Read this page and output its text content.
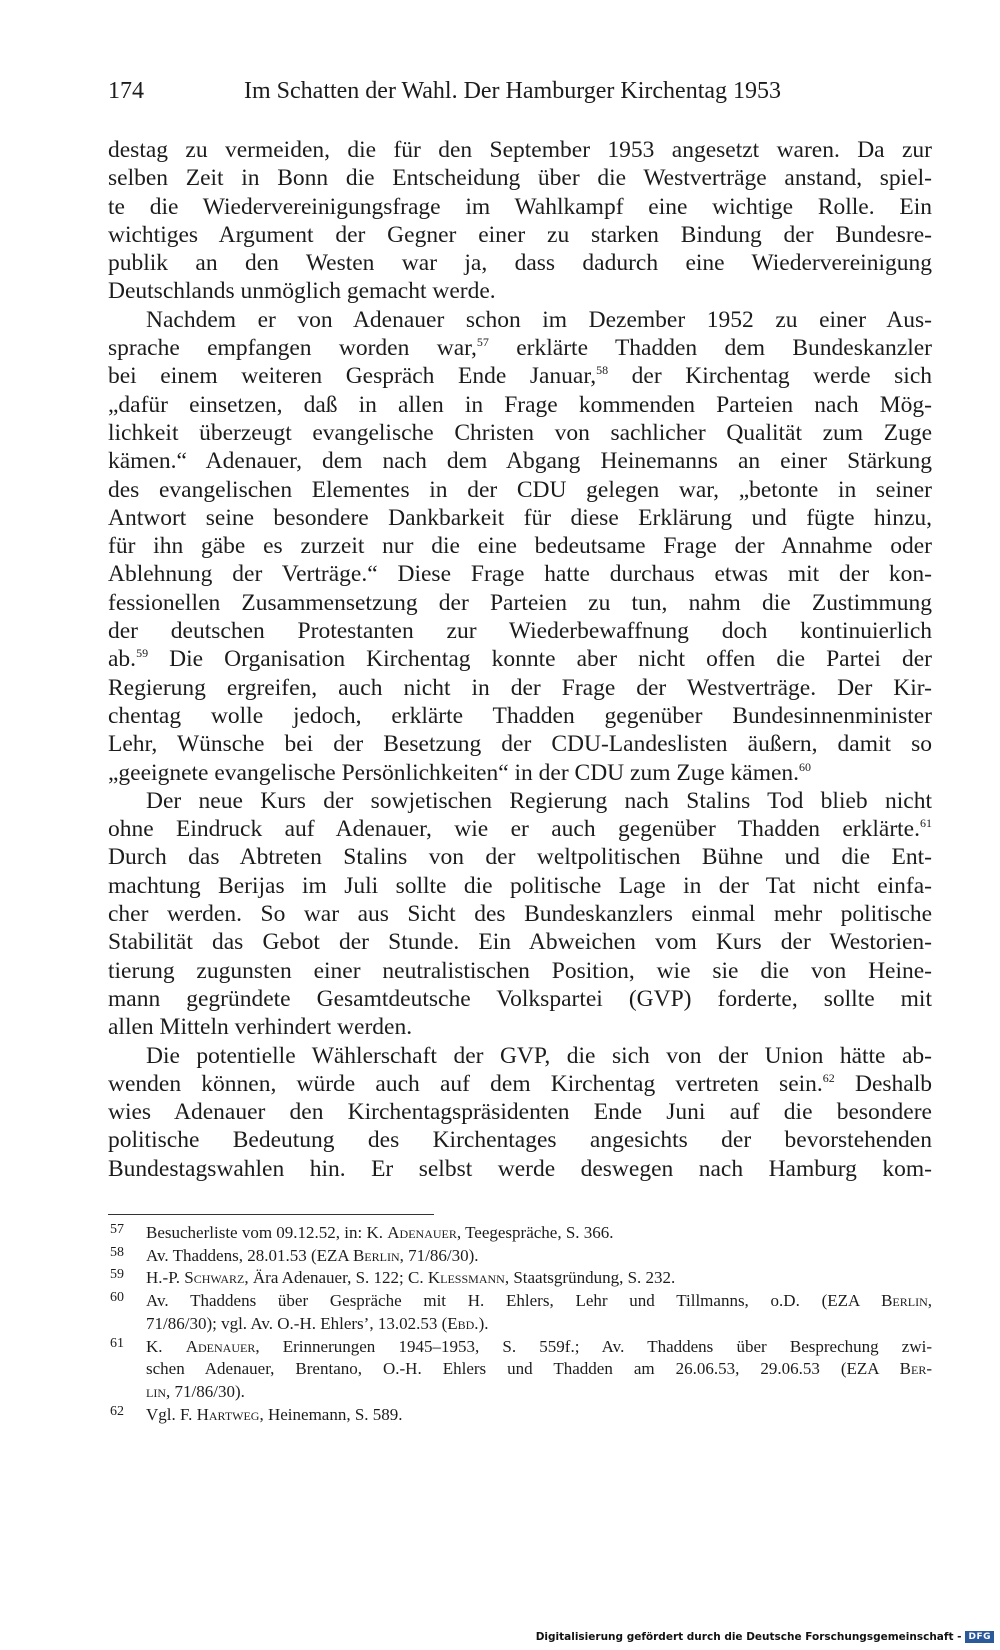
174	Im Schatten der Wahl. Der Hamburger Kirchentag 1953
destag zu vermeiden, die für den September 1953 angesetzt waren. Da zur
selben Zeit in Bonn die Entscheidung über die Westverträge anstand, spiel-
te die Wiedervereinigungsfrage im Wahlkampf eine wichtige Rolle. Ein
wichtiges Argument der Gegner einer zu starken Bindung der Bundesre-
publik an den Westen war ja, dass dadurch eine Wiedervereinigung
Deutschlands unmöglich gemacht werde.
Nachdem er von Adenauer schon im Dezember 1952 zu einer Aus-
sprache empfangen worden war,$^{57}$ erklärte Thadden dem Bundeskanzler
bei einem weiteren Gespräch Ende Januar,$^{58}$ der Kirchentag werde sich
„dafür einsetzen, daß in allen in Frage kommenden Parteien nach Mög-
lichkeit überzeugt evangelische Christen von sachlicher Qualität zum Zuge
kämen.“ Adenauer, dem nach dem Abgang Heinemanns an einer Stärkung
des evangelischen Elementes in der CDU gelegen war, „betonte in seiner
Antwort seine besondere Dankbarkeit für diese Erklärung und fügte hinzu,
für ihn gäbe es zurzeit nur die eine bedeutsame Frage der Annahme oder
Ablehnung der Verträge.“ Diese Frage hatte durchaus etwas mit der kon-
fessionellen Zusammensetzung der Parteien zu tun, nahm die Zustimmung
der deutschen Protestanten zur Wiederbewaffnung doch kontinuierlich
ab.$^{59}$ Die Organisation Kirchentag konnte aber nicht offen die Partei der
Regierung ergreifen, auch nicht in der Frage der Westverträge. Der Kir-
chentag wolle jedoch, erklärte Thadden gegenüber Bundesinnenminister
Lehr, Wünsche bei der Besetzung der CDU-Landeslisten äußern, damit so
„geeignete evangelische Persönlichkeiten“ in der CDU zum Zuge kämen.$^{60}$
Der neue Kurs der sowjetischen Regierung nach Stalins Tod blieb nicht
ohne Eindruck auf Adenauer, wie er auch gegenüber Thadden erklärte.$^{61}$
Durch das Abtreten Stalins von der weltpolitischen Bühne und die Ent-
machtung Berijas im Juli sollte die politische Lage in der Tat nicht einfa-
cher werden. So war aus Sicht des Bundeskanzlers einmal mehr politische
Stabilität das Gebot der Stunde. Ein Abweichen vom Kurs der Westorien-
tierung zugunsten einer neutralistischen Position, wie sie die von Heine-
mann gegründete Gesamtdeutsche Volkspartei (GVP) forderte, sollte mit
allen Mitteln verhindert werden.
Die potentielle Wählerschaft der GVP, die sich von der Union hätte ab-
wenden können, würde auch auf dem Kirchentag vertreten sein.$^{62}$ Deshalb
wies Adenauer den Kirchentagspräsidenten Ende Juni auf die besondere
politische Bedeutung des Kirchentages angesichts der bevorstehenden
Bundestagswahlen hin. Er selbst werde deswegen nach Hamburg kom-
57 Besucherliste vom 09.12.52, in: K. Adenauer, Teegespräche, S. 366.
58 Av. Thaddens, 28.01.53 (EZA Berlin, 71/86/30).
59 H.-P. Schwarz, Ära Adenauer, S. 122; C. Klessmann, Staatsgründung, S. 232.
60 Av. Thaddens über Gespräche mit H. Ehlers, Lehr und Tillmanns, o.D. (EZA Berlin,
71/86/30); vgl. Av. O.-H. Ehlers’, 13.02.53 (Ebd.).
61 K. Adenauer, Erinnerungen 1945–1953, S. 559f.; Av. Thaddens über Besprechung zwi-
schen Adenauer, Brentano, O.-H. Ehlers und Thadden am 26.06.53, 29.06.53 (EZA Ber-
lin, 71/86/30).
62 Vgl. F. Hartweg, Heinemann, S. 589.
Digitalisierung gefördert durch die Deutsche Forschungsgemeinschaft - DFG
